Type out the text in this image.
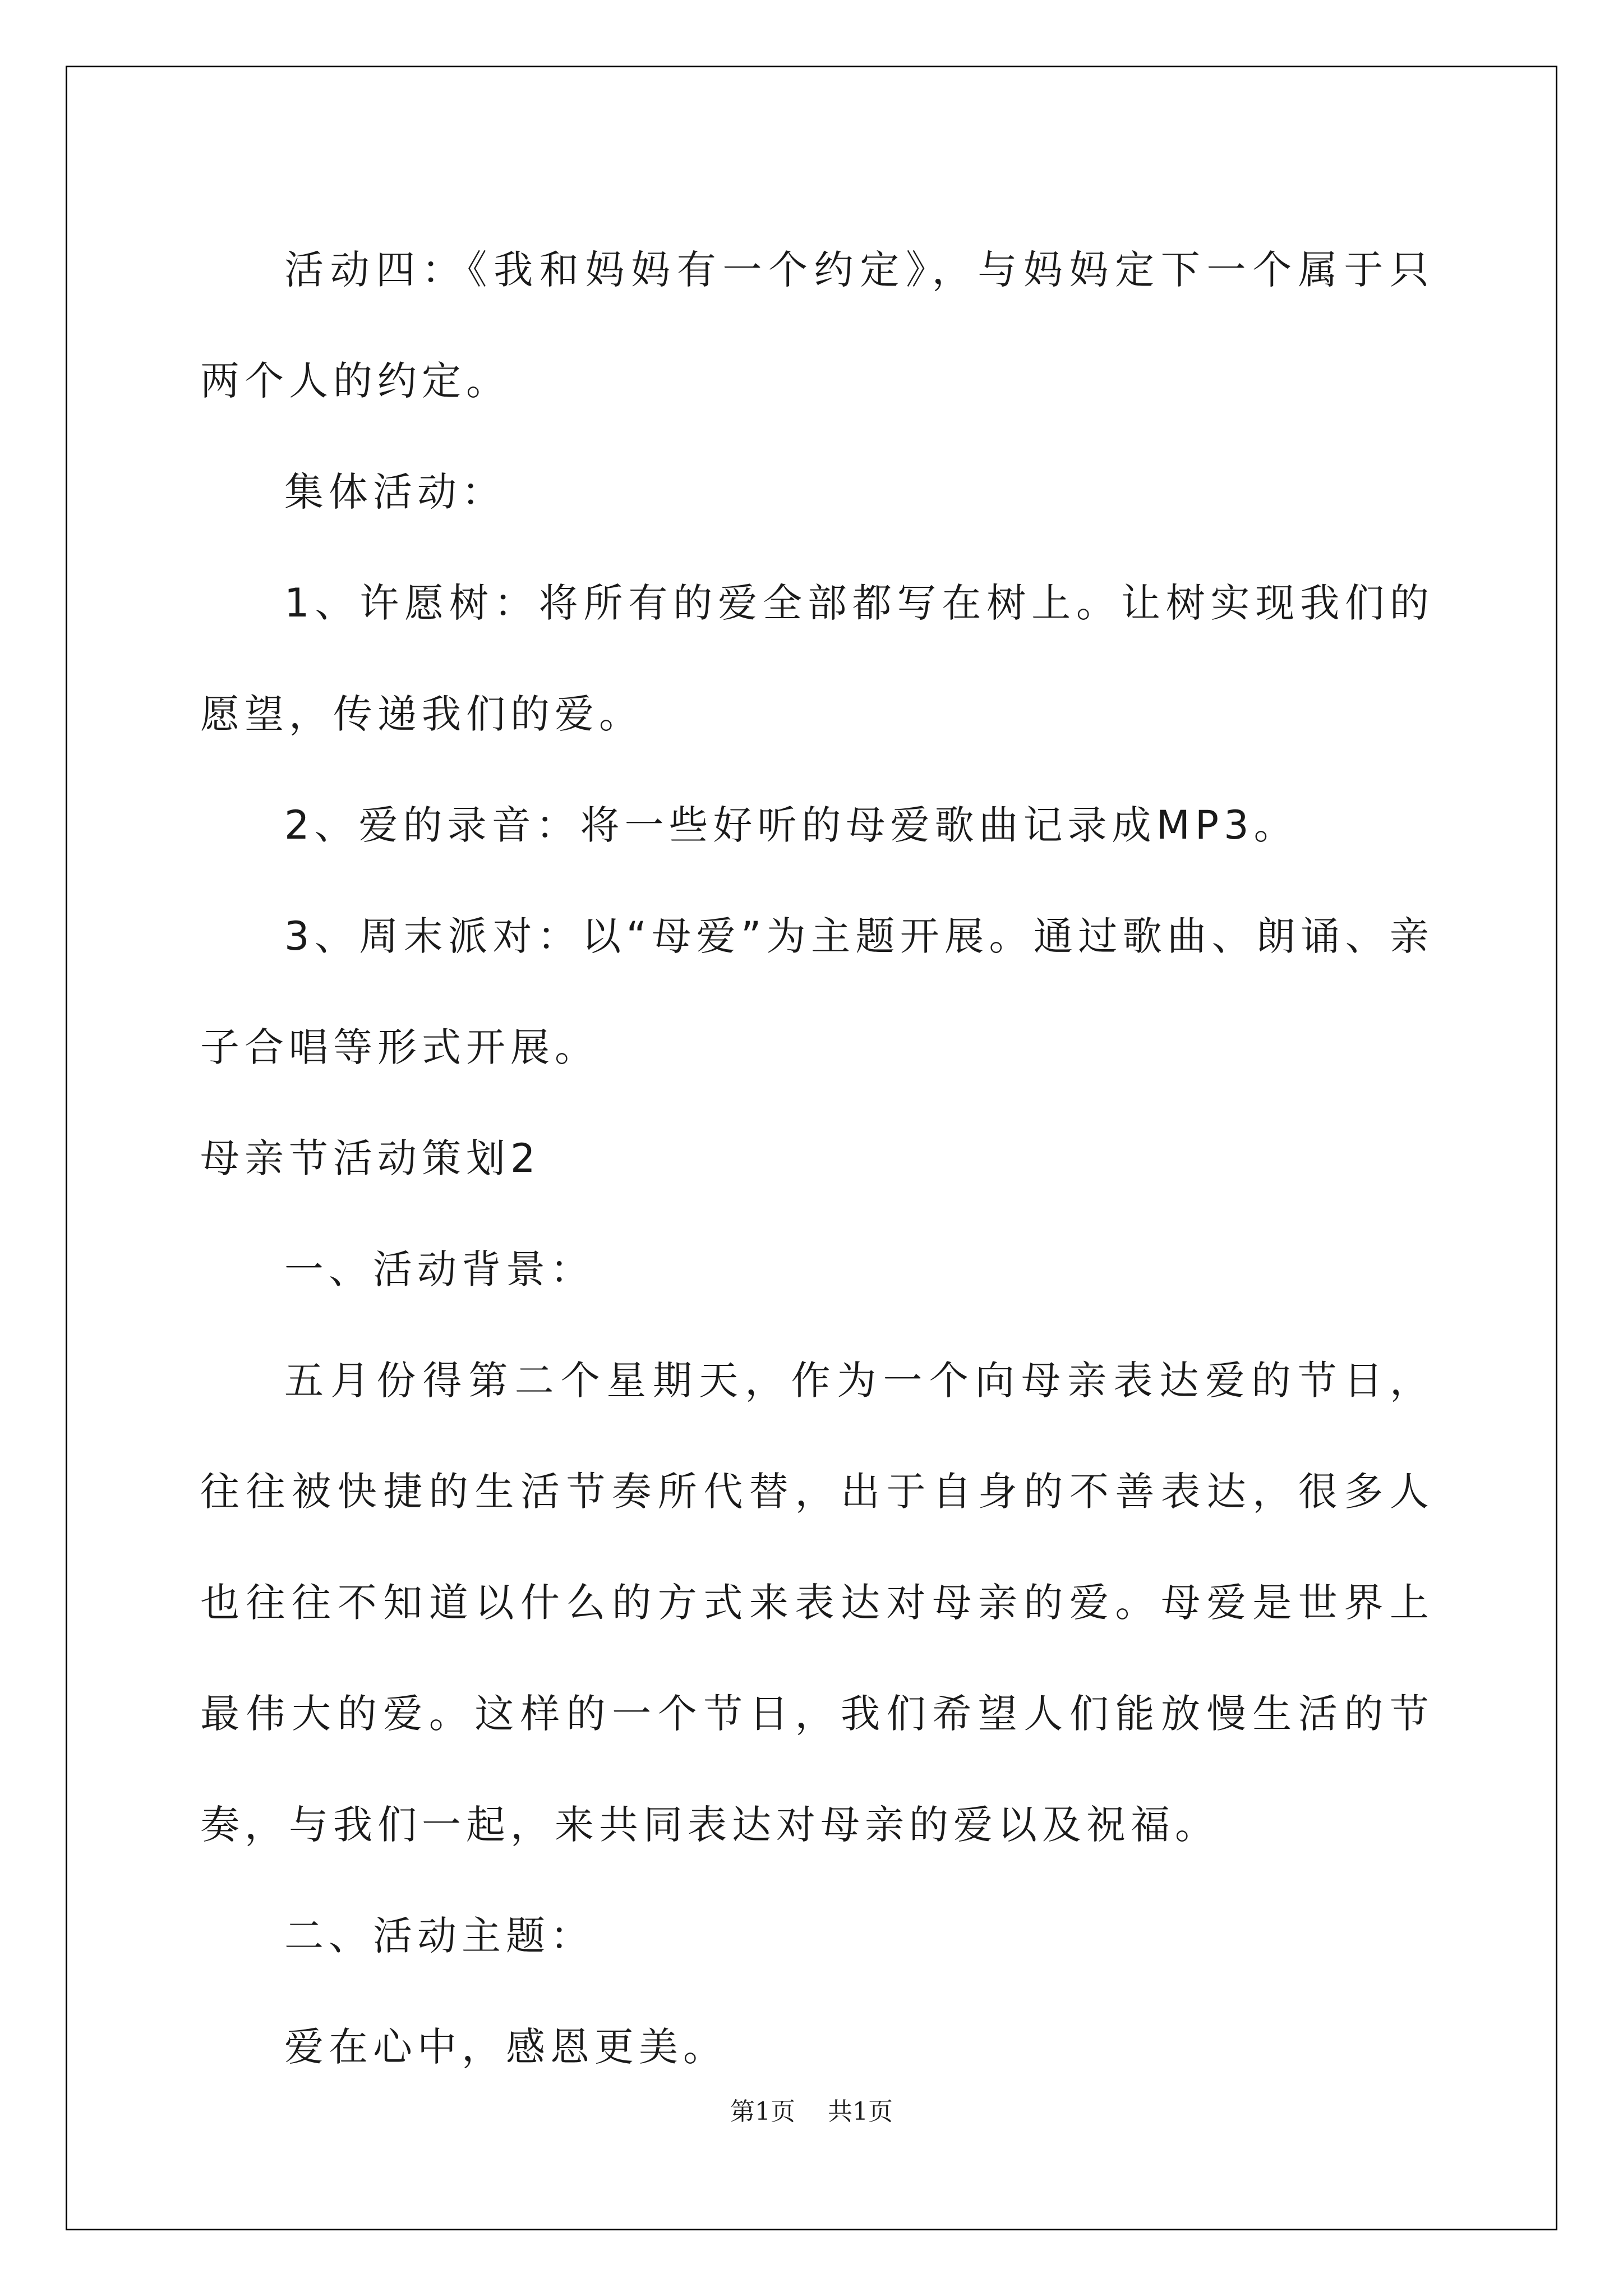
活动四：《我和妈妈有一个约定》，与妈妈定下一个属于只两个人的约定。

集体活动：

1、许愿树：将所有的爱全部都写在树上。让树实现我们的愿望，传递我们的爱。

2、爱的录音：将一些好听的母爱歌曲记录成MP3。

3、周末派对：以“母爱”为主题开展。通过歌曲、朗诵、亲子合唱等形式开展。

母亲节活动策划2

一、活动背景：

五月份得第二个星期天，作为一个向母亲表达爱的节日，往往被快捷的生活节奏所代替，出于自身的不善表达，很多人也往往不知道以什么的方式来表达对母亲的爱。母爱是世界上最伟大的爱。这样的一个节日，我们希望人们能放慢生活的节奏，与我们一起，来共同表达对母亲的爱以及祝福。

二、活动主题：

爱在心中，感恩更美。

第1页 共1页
